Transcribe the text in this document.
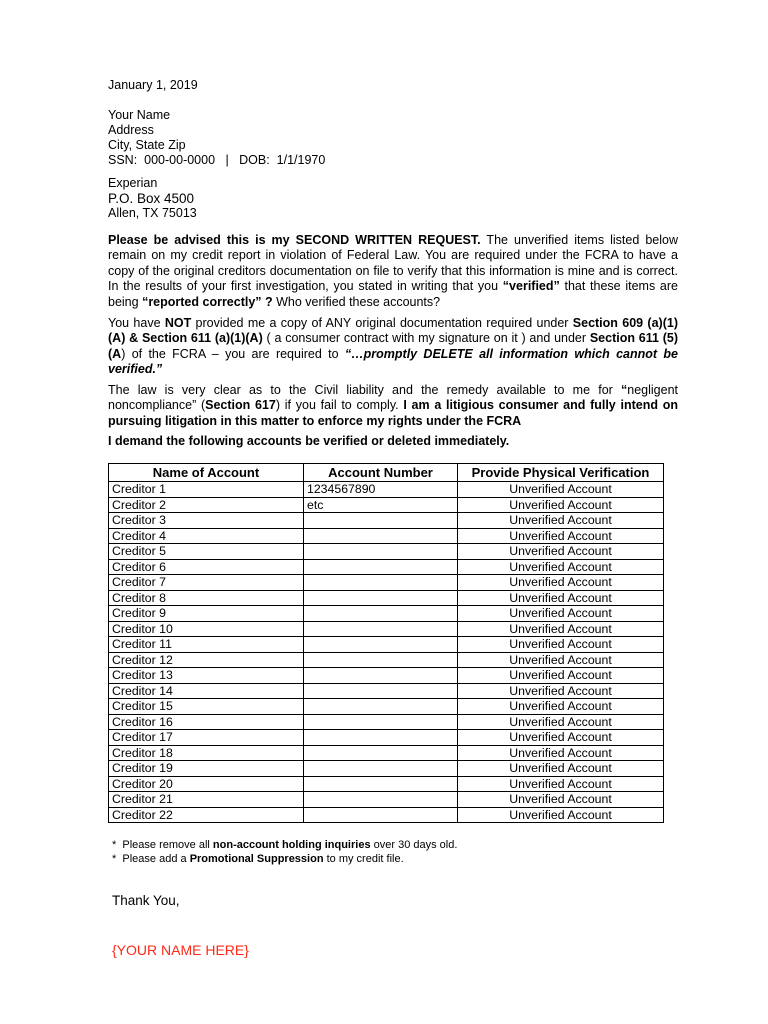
January 1, 2019
Your Name
Address
City, State Zip
SSN: 000-00-0000 | DOB: 1/1/1970
Experian
P.O. Box 4500
Allen, TX 75013
Please be advised this is my SECOND WRITTEN REQUEST. The unverified items listed below remain on my credit report in violation of Federal Law. You are required under the FCRA to have a copy of the original creditors documentation on file to verify that this information is mine and is correct. In the results of your first investigation, you stated in writing that you “verified” that these items are being “reported correctly” ? Who verified these accounts?
You have NOT provided me a copy of ANY original documentation required under Section 609 (a)(1)(A) & Section 611 (a)(1)(A) ( a consumer contract with my signature on it ) and under Section 611 (5)(A) of the FCRA – you are required to “…promptly DELETE all information which cannot be verified.”
The law is very clear as to the Civil liability and the remedy available to me for “negligent noncompliance” (Section 617) if you fail to comply. I am a litigious consumer and fully intend on pursuing litigation in this matter to enforce my rights under the FCRA
I demand the following accounts be verified or deleted immediately.
Name of Account	Account Number	Provide Physical Verification
Creditor 1	1234567890	Unverified Account
Creditor 2	etc	Unverified Account
Creditor 3		Unverified Account
Creditor 4		Unverified Account
Creditor 5		Unverified Account
Creditor 6		Unverified Account
Creditor 7		Unverified Account
Creditor 8		Unverified Account
Creditor 9		Unverified Account
Creditor 10		Unverified Account
Creditor 11		Unverified Account
Creditor 12		Unverified Account
Creditor 13		Unverified Account
Creditor 14		Unverified Account
Creditor 15		Unverified Account
Creditor 16		Unverified Account
Creditor 17		Unverified Account
Creditor 18		Unverified Account
Creditor 19		Unverified Account
Creditor 20		Unverified Account
Creditor 21		Unverified Account
Creditor 22		Unverified Account
* Please remove all non-account holding inquiries over 30 days old.
* Please add a Promotional Suppression to my credit file.
Thank You,
{YOUR NAME HERE}
